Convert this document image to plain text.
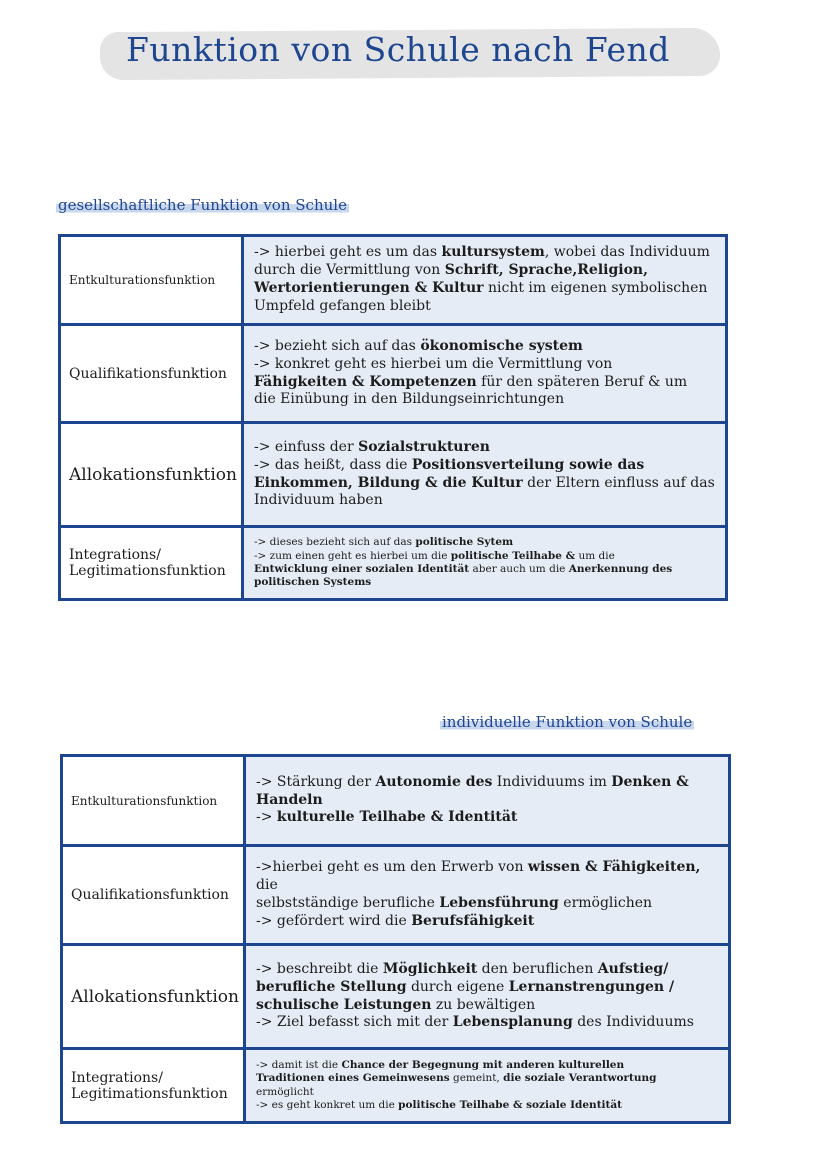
Funktion von Schule nach Fend
gesellschaftliche Funktion von Schule
Entkulturationsfunktion	-> hierbei geht es um das kultursystem, wobei das Individuum
durch die Vermittlung von Schrift, Sprache,Religion,
Wertorientierungen & Kultur nicht im eigenen symbolischen
Umpfeld gefangen bleibt

Qualifikationsfunktion	-> bezieht sich auf das ökonomische system
-> konkret geht es hierbei um die Vermittlung von
Fähigkeiten & Kompetenzen für den späteren Beruf & um
die Einübung in den Bildungseinrichtungen

Allokationsfunktion	-> einfuss der Sozialstrukturen
-> das heißt, dass die Positionsverteilung sowie das
Einkommen, Bildung & die Kultur der Eltern einfluss auf das
Individuum haben

Integrations/ Legitimationsfunktion	-> dieses bezieht sich auf das politische Sytem
-> zum einen geht es hierbei um die politische Teilhabe & um die
Entwicklung einer sozialen Identität aber auch um die Anerkennung des
politischen Systems
individuelle Funktion von Schule
Entkulturationsfunktion	-> Stärkung der Autonomie des Individuums im Denken &
Handeln
-> kulturelle Teilhabe & Identität

Qualifikationsfunktion	->hierbei geht es um den Erwerb von wissen & Fähigkeiten, die
selbstständige berufliche Lebensführung ermöglichen
-> gefördert wird die Berufsfähigkeit

Allokationsfunktion	-> beschreibt die Möglichkeit den beruflichen Aufstieg/
berufliche Stellung durch eigene Lernanstrengungen /
schulische Leistungen zu bewältigen
-> Ziel befasst sich mit der Lebensplanung des Individuums

Integrations/ Legitimationsfunktion	-> damit ist die Chance der Begegnung mit anderen kulturellen
Traditionen eines Gemeinwesens gemeint, die soziale Verantwortung
ermöglicht
-> es geht konkret um die politische Teilhabe & soziale Identität
